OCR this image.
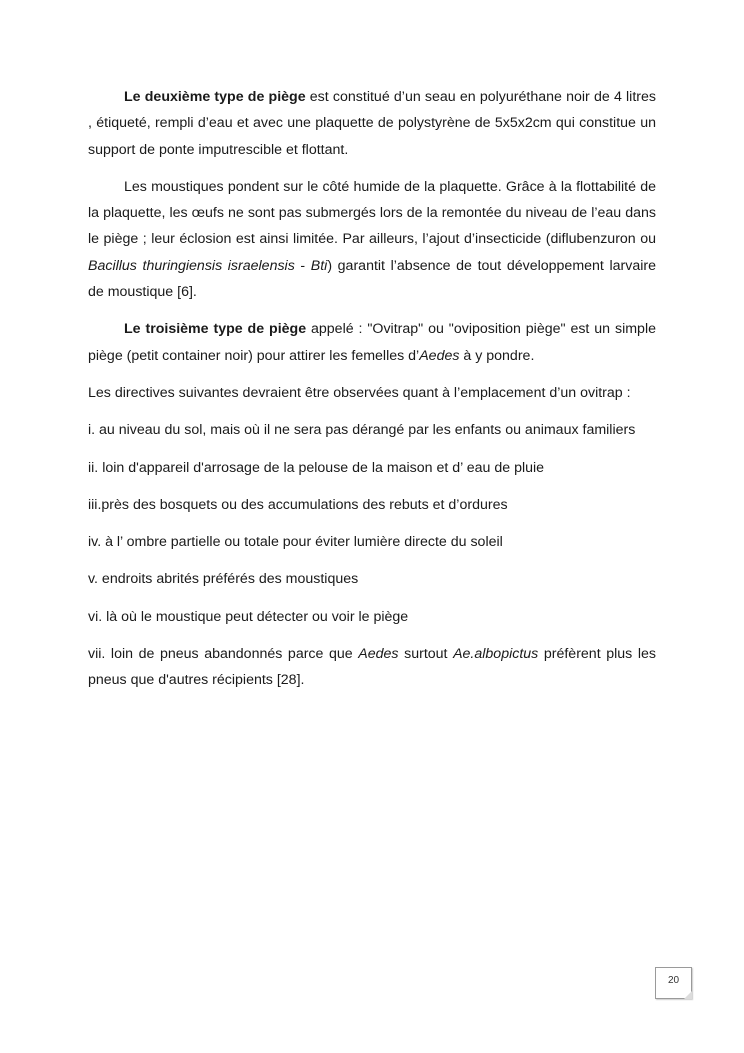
Le deuxième type de piège est constitué d’un seau en polyuréthane noir de 4 litres , étiqueté, rempli d’eau et avec une plaquette de polystyrène de 5x5x2cm qui constitue un support de ponte imputrescible et flottant.

Les moustiques pondent sur le côté humide de la plaquette. Grâce à la flottabilité de la plaquette, les œufs ne sont pas submergés lors de la remontée du niveau de l’eau dans le piège ; leur éclosion est ainsi limitée. Par ailleurs, l’ajout d’insecticide (diflubenzuron ou Bacillus thuringiensis israelensis - Bti) garantit l’absence de tout développement larvaire de moustique [6].

Le troisième type de piège appelé : "Ovitrap" ou "oviposition piège" est un simple piège (petit container noir) pour attirer les femelles d’Aedes à y pondre.

Les directives suivantes devraient être observées quant à l’emplacement d’un ovitrap :

i. au niveau du sol, mais où il ne sera pas dérangé par les enfants ou animaux familiers

ii. loin d'appareil d'arrosage de la pelouse de la maison et d’ eau de pluie

iii.près des bosquets ou des accumulations des rebuts et d’ordures

iv. à l’ ombre partielle ou totale pour éviter lumière directe du soleil

v. endroits abrités préférés des moustiques

vi. là où le moustique peut détecter ou voir le piège

vii. loin de pneus abandonnés parce que Aedes surtout Ae.albopictus préfèrent plus les pneus que d'autres récipients [28].

20
